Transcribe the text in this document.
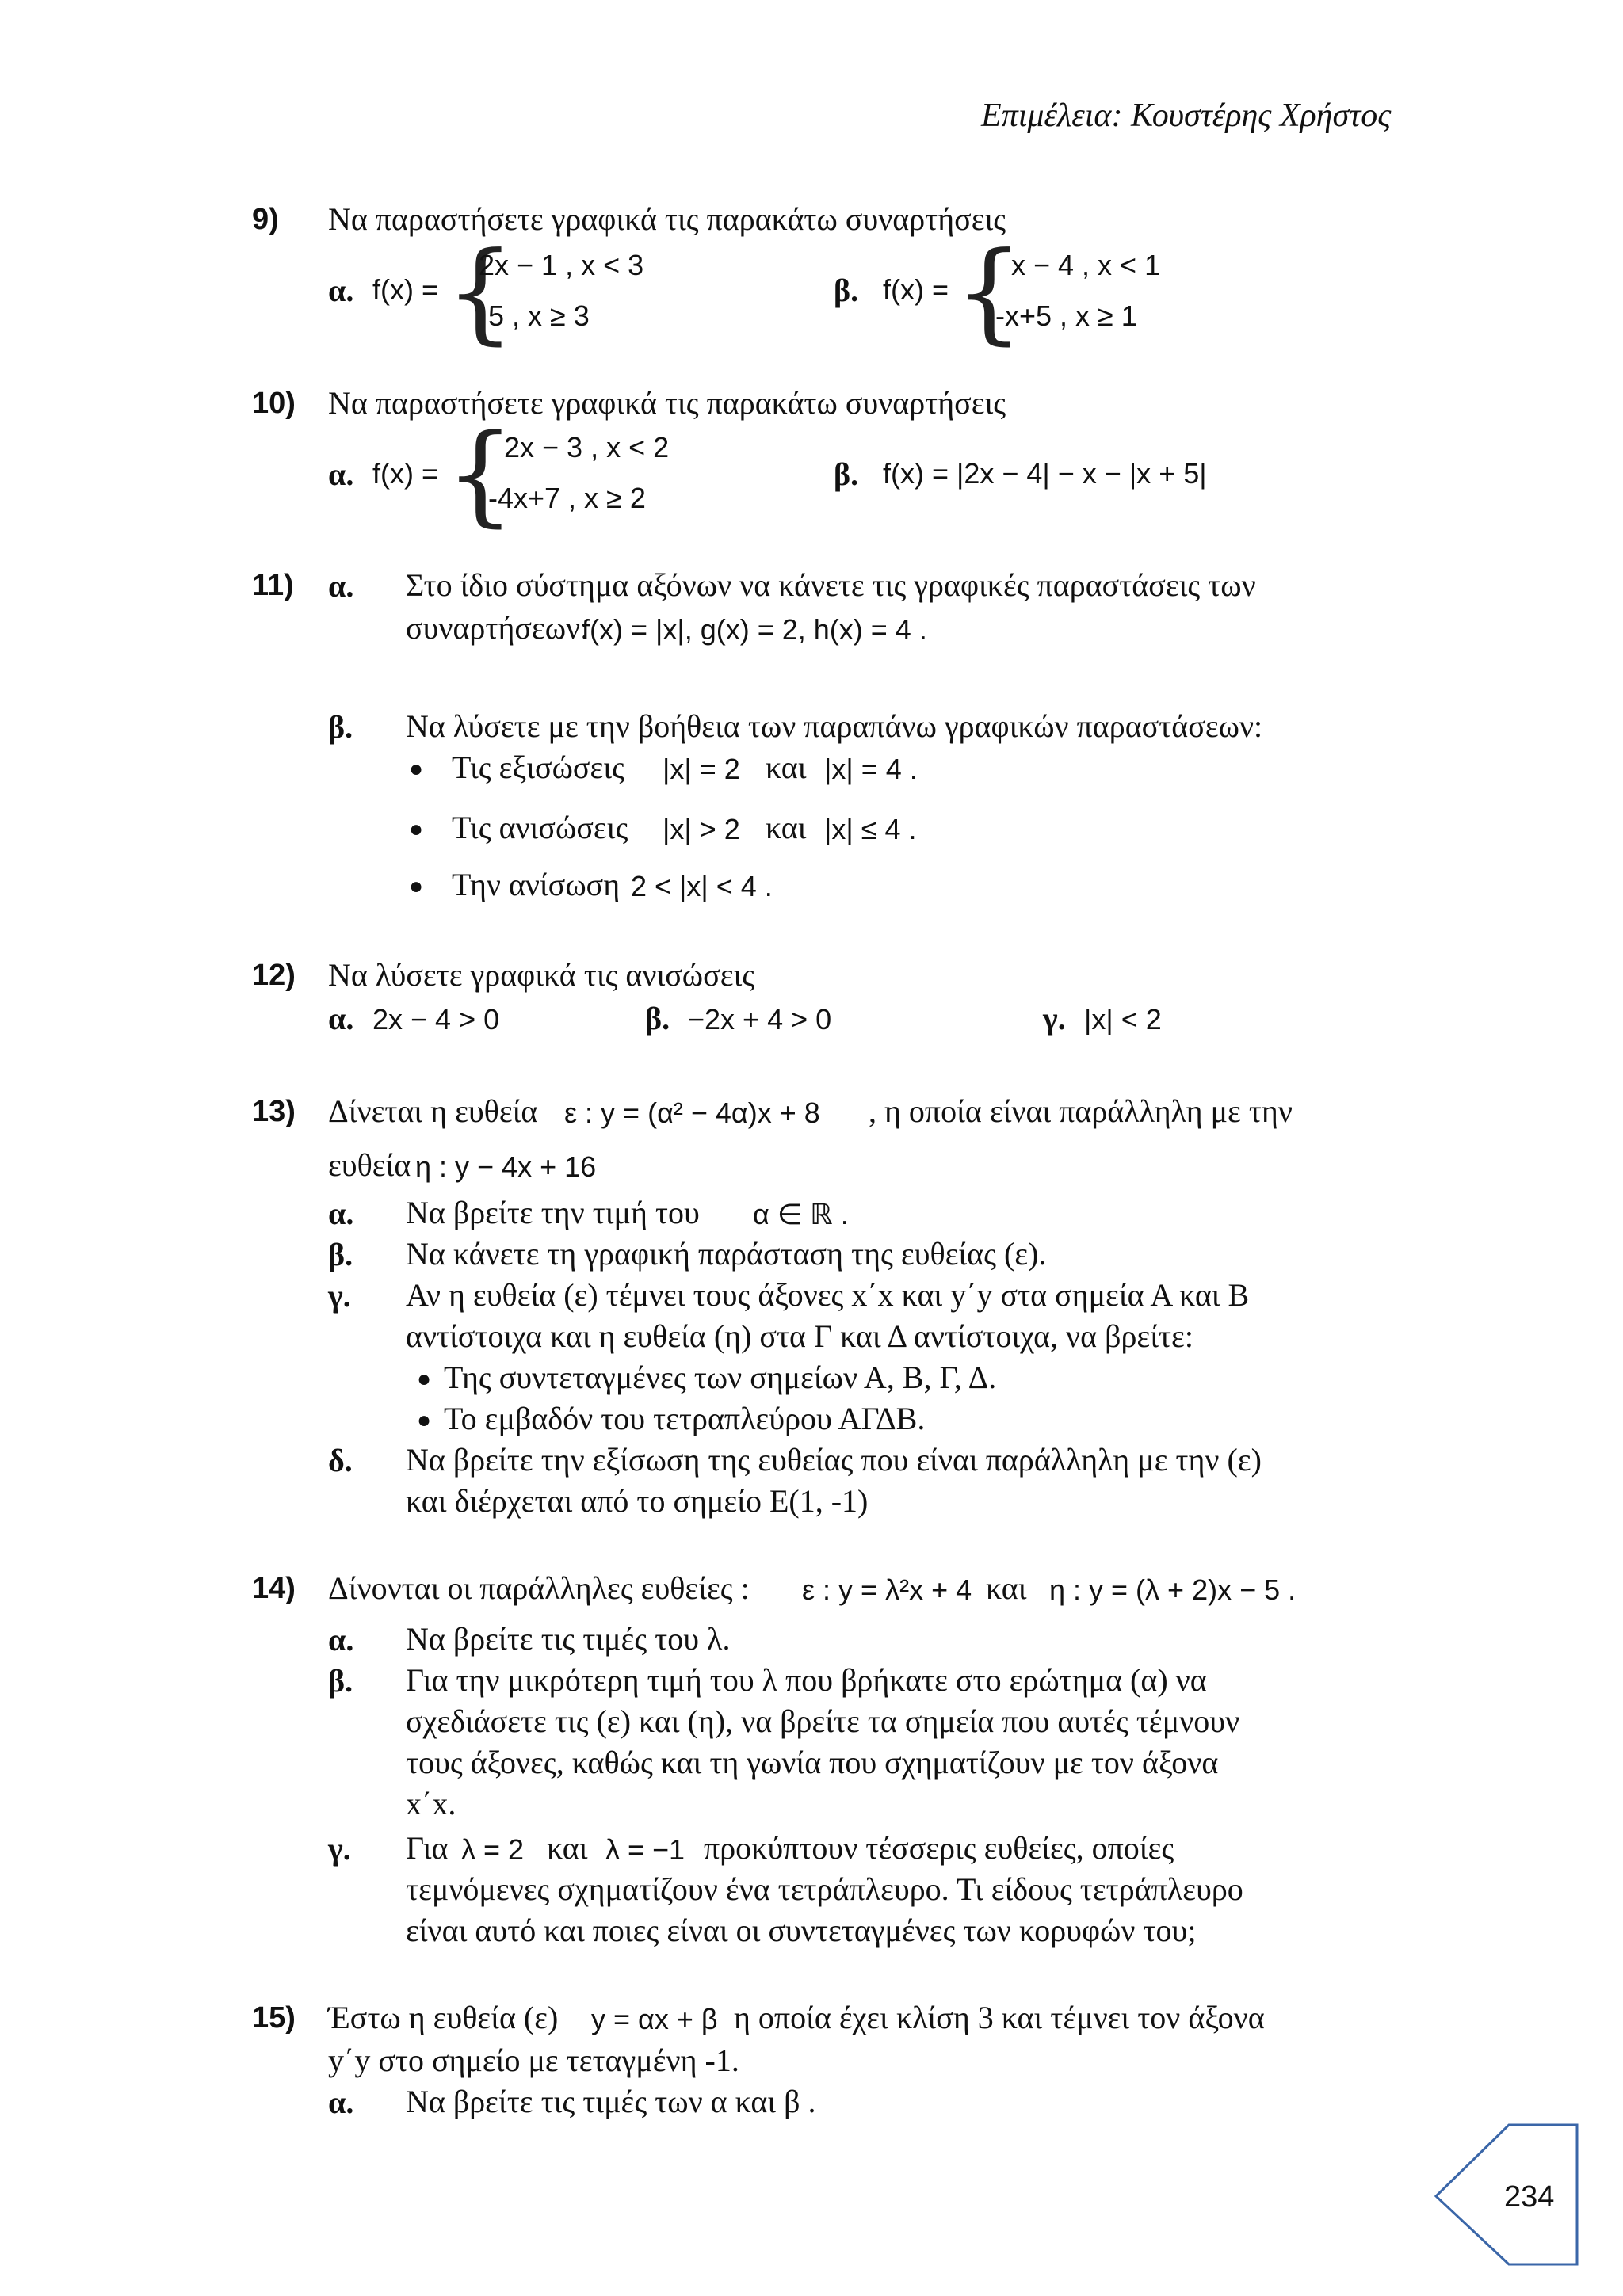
Επιμέλεια: Κουστέρης Χρήστος
9) Να παραστήσετε γραφικά τις παρακάτω συναρτήσεις
α. f(x) = {
2x − 1 , x < 3
5 , x ≥ 3
β. f(x) = {
x − 4 , x < 1
-x+5 , x ≥ 1
10) Να παραστήσετε γραφικά τις παρακάτω συναρτήσεις
α. f(x) = {
2x − 3 , x < 2
-4x+7 , x ≥ 2
β. f(x) = |2x − 4| − x − |x + 5|
11) α. Στο ίδιο σύστημα αξόνων να κάνετε τις γραφικές παραστάσεις των
συναρτήσεων:
f(x) = |x|, g(x) = 2, h(x) = 4 .
β. Να λύσετε με την βοήθεια των παραπάνω γραφικών παραστάσεων:
● Τις εξισώσεις |x| = 2 και |x| = 4 .
● Τις ανισώσεις |x| > 2 και |x| ≤ 4 .
● Την ανίσωση 2 < |x| < 4 .
12) Να λύσετε γραφικά τις ανισώσεις
α. 2x − 4 > 0	β. −2x + 4 > 0	γ. |x| < 2
13) Δίνεται η ευθεία ε : y = (α² − 4α)x + 8 , η οποία είναι παράλληλη με την
ευθεία η : y − 4x + 16
α. Να βρείτε την τιμή του α ∈ ℝ .
β. Να κάνετε τη γραφική παράσταση της ευθείας (ε).
γ. Αν η ευθεία (ε) τέμνει τους άξονες x΄x και y΄y στα σημεία Α και Β
αντίστοιχα και η ευθεία (η) στα Γ και Δ αντίστοιχα, να βρείτε:
● Της συντεταγμένες των σημείων Α, Β, Γ, Δ.
● Το εμβαδόν του τετραπλεύρου ΑΓΔΒ.
δ. Να βρείτε την εξίσωση της ευθείας που είναι παράλληλη με την (ε)
και διέρχεται από το σημείο Ε(1, -1)
14) Δίνονται οι παράλληλες ευθείες : ε : y = λ²x + 4 και η : y = (λ + 2)x − 5 .
α. Να βρείτε τις τιμές του λ.
β. Για την μικρότερη τιμή του λ που βρήκατε στο ερώτημα (α) να
σχεδιάσετε τις (ε) και (η), να βρείτε τα σημεία που αυτές τέμνουν
τους άξονες, καθώς και τη γωνία που σχηματίζουν με τον άξονα
x΄x.
γ. Για λ = 2 και λ = −1 προκύπτουν τέσσερις ευθείες, οποίες
τεμνόμενες σχηματίζουν ένα τετράπλευρο. Τι είδους τετράπλευρο
είναι αυτό και ποιες είναι οι συντεταγμένες των κορυφών του;
15) Έστω η ευθεία (ε) y = αx + β η οποία έχει κλίση 3 και τέμνει τον άξονα
y΄y στο σημείο με τεταγμένη -1.
α. Να βρείτε τις τιμές των α και β .
234
